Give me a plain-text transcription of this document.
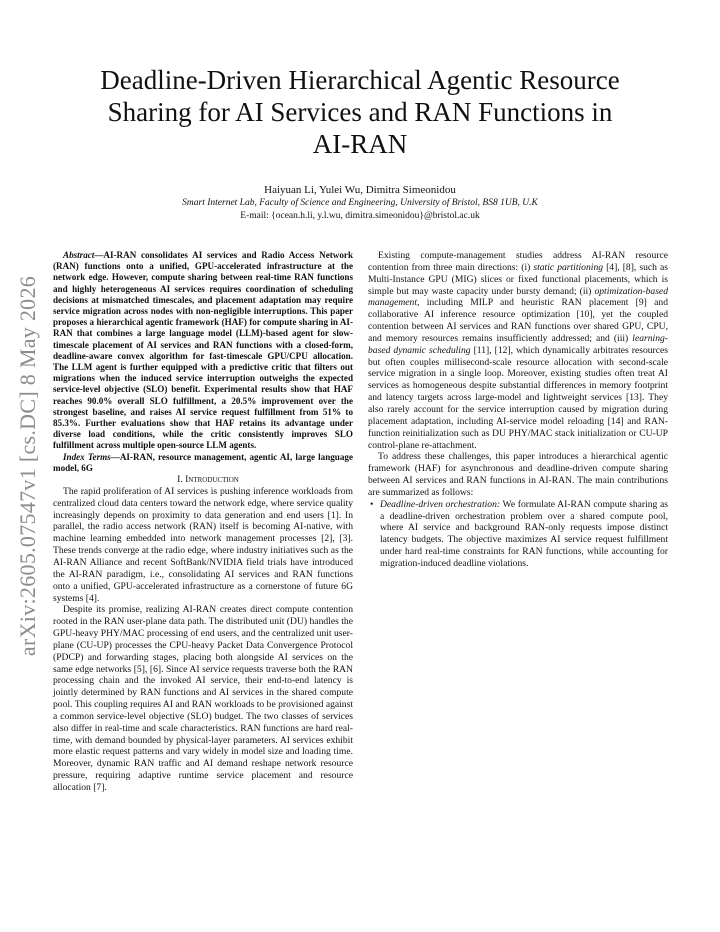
arXiv:2605.07547v1 [cs.DC] 8 May 2026
Deadline-Driven Hierarchical Agentic Resource Sharing for AI Services and RAN Functions in AI-RAN
Haiyuan Li, Yulei Wu, Dimitra Simeonidou
Smart Internet Lab, Faculty of Science and Engineering, University of Bristol, BS8 1UB, U.K
E-mail: {ocean.h.li, y.l.wu, dimitra.simeonidou}@bristol.ac.uk

Abstract—AI-RAN consolidates AI services and Radio Access Network (RAN) functions onto a unified, GPU-accelerated infrastructure at the network edge. However, compute sharing between real-time RAN functions and highly heterogeneous AI services requires coordination of scheduling decisions at mismatched timescales, and placement adaptation may require service migration across nodes with non-negligible interruptions. This paper proposes a hierarchical agentic framework (HAF) for compute sharing in AI-RAN that combines a large language model (LLM)-based agent for slow-timescale placement of AI services and RAN functions with a closed-form, deadline-aware convex algorithm for fast-timescale GPU/CPU allocation. The LLM agent is further equipped with a predictive critic that filters out migrations when the induced service interruption outweighs the expected service-level objective (SLO) benefit. Experimental results show that HAF reaches 90.0% overall SLO fulfillment, a 20.5% improvement over the strongest baseline, and raises AI service request fulfillment from 51% to 85.3%. Further evaluations show that HAF retains its advantage under diverse load conditions, while the critic consistently improves SLO fulfillment across multiple open-source LLM agents.

Index Terms—AI-RAN, resource management, agentic AI, large language model, 6G

I. Introduction

The rapid proliferation of AI services is pushing inference workloads from centralized cloud data centers toward the network edge, where service quality increasingly depends on proximity to data generation and end users [1]. In parallel, the radio access network (RAN) itself is becoming AI-native, with machine learning embedded into network management processes [2], [3]. These trends converge at the radio edge, where industry initiatives such as the AI-RAN Alliance and recent SoftBank/NVIDIA field trials have introduced the AI-RAN paradigm, i.e., consolidating AI services and RAN functions onto a unified, GPU-accelerated infrastructure as a cornerstone of future 6G systems [4].

Despite its promise, realizing AI-RAN creates direct compute contention rooted in the RAN user-plane data path. The distributed unit (DU) handles the GPU-heavy PHY/MAC processing of end users, and the centralized unit user-plane (CU-UP) processes the CPU-heavy Packet Data Convergence Protocol (PDCP) and forwarding stages, placing both alongside AI services on the same edge networks [5], [6]. Since AI service requests traverse both the RAN processing chain and the invoked AI service, their end-to-end latency is jointly determined by RAN functions and AI services in the shared compute pool. This coupling requires AI and RAN workloads to be provisioned against a common service-level objective (SLO) budget. The two classes of services also differ in real-time and scale characteristics. RAN functions are hard real-time, with demand bounded by physical-layer parameters. AI services exhibit more elastic request patterns and vary widely in model size and loading time. Moreover, dynamic RAN traffic and AI demand reshape network resource pressure, requiring adaptive runtime service placement and resource allocation [7].

Existing compute-management studies address AI-RAN resource contention from three main directions: (i) static partitioning [4], [8], such as Multi-Instance GPU (MIG) slices or fixed functional placements, which is simple but may waste capacity under bursty demand; (ii) optimization-based management, including MILP and heuristic RAN placement [9] and collaborative AI inference resource optimization [10], yet the coupled contention between AI services and RAN functions over shared GPU, CPU, and memory resources remains insufficiently addressed; and (iii) learning-based dynamic scheduling [11], [12], which dynamically arbitrates resources but often couples millisecond-scale resource allocation with second-scale service migration in a single loop. Moreover, existing studies often treat AI services as homogeneous despite substantial differences in memory footprint and latency targets across large-model and lightweight services [13]. They also rarely account for the service interruption caused by migration during placement adaptation, including AI-service model reloading [14] and RAN-function reinitialization such as DU PHY/MAC stack initialization or CU-UP control-plane re-attachment.

To address these challenges, this paper introduces a hierarchical agentic framework (HAF) for asynchronous and deadline-driven compute sharing between AI services and RAN functions in AI-RAN. The main contributions are summarized as follows:

• Deadline-driven orchestration: We formulate AI-RAN compute sharing as a deadline-driven orchestration problem over a shared compute pool, where AI service and background RAN-only requests impose distinct latency budgets. The objective maximizes AI service request fulfillment under hard real-time constraints for RAN functions, while accounting for migration-induced deadline violations.
